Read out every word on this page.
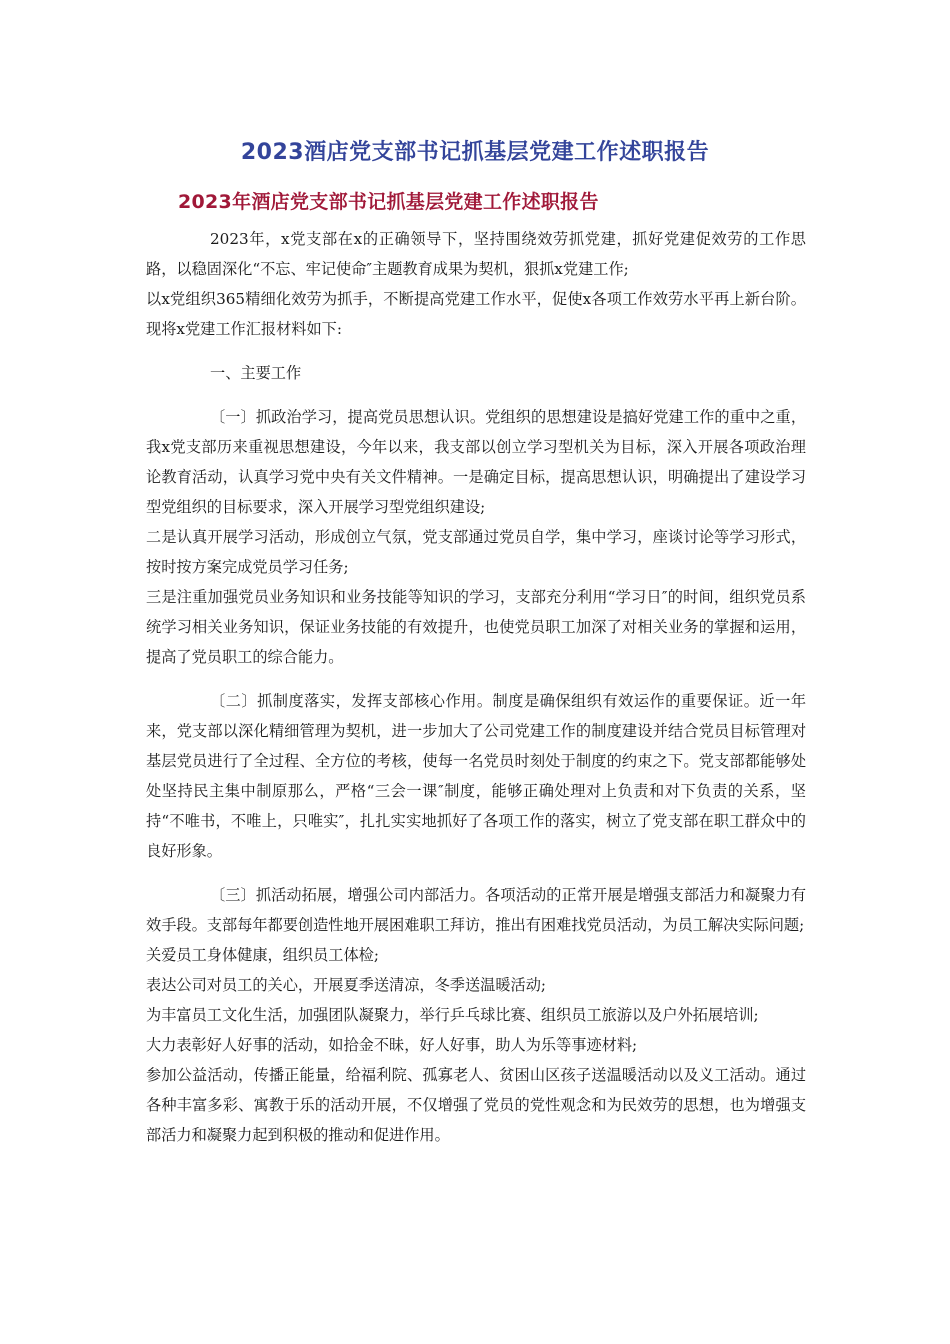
2023酒店党支部书记抓基层党建工作述职报告
2023年酒店党支部书记抓基层党建工作述职报告

2023年，x党支部在x的正确领导下，坚持围绕效劳抓党建，抓好党建促效劳的工作思路，以稳固深化“不忘、牢记使命″主题教育成果为契机，狠抓x党建工作;

以x党组织365精细化效劳为抓手，不断提高党建工作水平，促使x各项工作效劳水平再上新台阶。现将x党建工作汇报材料如下:

一、主要工作

〔一〕抓政治学习，提高党员思想认识。党组织的思想建设是搞好党建工作的重中之重，我x党支部历来重视思想建设，今年以来，我支部以创立学习型机关为目标，深入开展各项政治理论教育活动，认真学习党中央有关文件精神。一是确定目标，提高思想认识，明确提出了建设学习型党组织的目标要求，深入开展学习型党组织建设;

二是认真开展学习活动，形成创立气氛，党支部通过党员自学，集中学习，座谈讨论等学习形式，按时按方案完成党员学习任务;

三是注重加强党员业务知识和业务技能等知识的学习，支部充分利用“学习日″的时间，组织党员系统学习相关业务知识，保证业务技能的有效提升，也使党员职工加深了对相关业务的掌握和运用，提高了党员职工的综合能力。

〔二〕抓制度落实，发挥支部核心作用。制度是确保组织有效运作的重要保证。近一年来，党支部以深化精细管理为契机，进一步加大了公司党建工作的制度建设并结合党员目标管理对基层党员进行了全过程、全方位的考核，使每一名党员时刻处于制度的约束之下。党支部都能够处处坚持民主集中制原那么，严格“三会一课″制度，能够正确处理对上负责和对下负责的关系，坚持“不唯书，不唯上，只唯实″，扎扎实实地抓好了各项工作的落实，树立了党支部在职工群众中的良好形象。

〔三〕抓活动拓展，增强公司内部活力。各项活动的正常开展是增强支部活力和凝聚力有效手段。支部每年都要创造性地开展困难职工拜访，推出有困难找党员活动，为员工解决实际问题;

关爱员工身体健康，组织员工体检;

表达公司对员工的关心，开展夏季送清凉，冬季送温暖活动;

为丰富员工文化生活，加强团队凝聚力，举行乒乓球比赛、组织员工旅游以及户外拓展培训;

大力表彰好人好事的活动，如拾金不昧，好人好事，助人为乐等事迹材料;

参加公益活动，传播正能量，给福利院、孤寡老人、贫困山区孩子送温暖活动以及义工活动。通过各种丰富多彩、寓教于乐的活动开展，不仅增强了党员的党性观念和为民效劳的思想，也为增强支部活力和凝聚力起到积极的推动和促进作用。
